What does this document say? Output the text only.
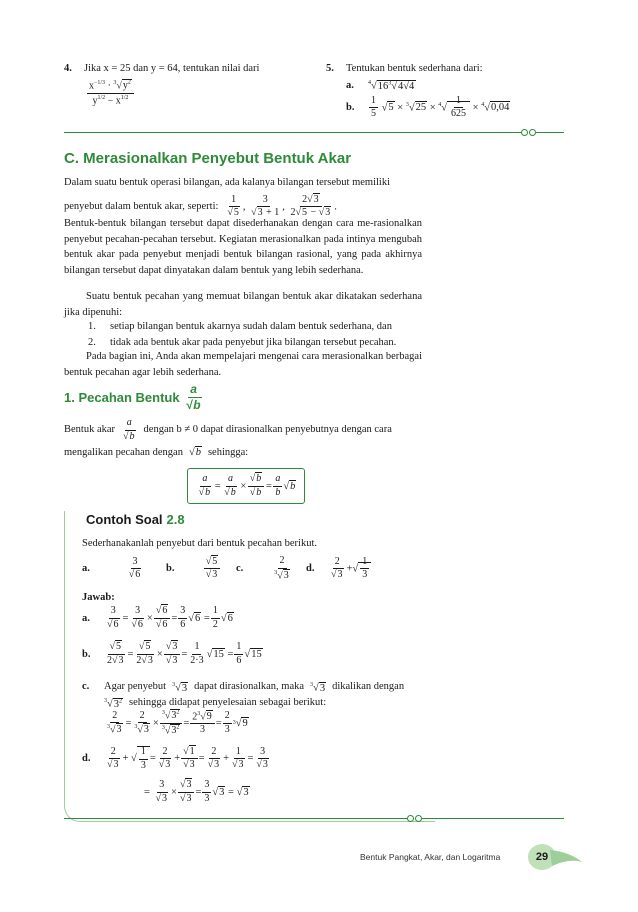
4.	Jika x = 25 dan y = 64, tentukan nilai dari
$\frac{x^{-1/3} \cdot ^3√y^2}{y^{1/2} - x^{1/2}}$
5.	Tentukan bentuk sederhana dari:
a.	$^4√16^3√4√4$
b.	$\frac{1}{5} √5 \times ^3√25 \times ^4√ \frac{1}{625} \times ^4√0,04$
C. Merasionalkan Penyebut Bentuk Akar
Dalam suatu bentuk operasi bilangan, ada kalanya bilangan tersebut memiliki
penyebut dalam bentuk akar, seperti: $\frac{1}{√5}$ , $\frac{3}{√3 + 1}$ , $\frac{2√3}{2√5 - √3}$ .
Bentuk-bentuk bilangan tersebut dapat disederhanakan dengan cara me-rasionalkan penyebut pecahan-pecahan tersebut. Kegiatan merasionalkan pada intinya mengubah bentuk akar pada penyebut menjadi bentuk bilangan rasional, yang pada akhirnya bilangan tersebut dapat dinyatakan dalam bentuk yang lebih sederhana.
Suatu bentuk pecahan yang memuat bilangan bentuk akar dikatakan sederhana jika dipenuhi:
1.	setiap bilangan bentuk akarnya sudah dalam bentuk sederhana, dan
2.	tidak ada bentuk akar pada penyebut jika bilangan tersebut pecahan.
Pada bagian ini, Anda akan mempelajari mengenai cara merasionalkan berbagai bentuk pecahan agar lebih sederhana.
1. Pecahan Bentuk $\frac{a}{√b}$
Bentuk akar $\frac{a}{√b}$ dengan b ≠ 0 dapat dirasionalkan penyebutnya dengan cara
mengalikan pecahan dengan √b sehingga:
$\frac{a}{√b} = \frac{a}{√b} \times \frac{√b}{√b} = \frac{a}{b}$ √ b
Contoh Soal 2.8
Sederhanakanlah penyebut dari bentuk pecahan berikut.
a.	$\frac{3}{√6} b$.	$\frac{√5}{√3} c$.	$\frac{2}{^3√3} d$.	$\frac{2}{√3}$ +√ $\frac{1}{3}$
Jawab:
a.	$\frac{3}{√6} = \frac{3}{√6} \times \frac{√6}{√6} = \frac{3}{6}$ √ $6 = \frac{1}{2}$ √ 6
b.	$\frac{√5}{2√3} = \frac{√5}{2√3} \times \frac{√3}{√3} = \frac{1}{2\cdot 3}$ √ $15 = \frac{1}{6}$ √ 15
c.	Agar penyebut $^3$√3 dapat dirasionalkan, maka $^3$√3 dikalikan dengan
$^3√3^2$ sehingga didapat penyelesaian sebagai berikut:
$\frac{2}{^3√3} = \frac{2}{^3√3} \times \frac{^3√3^2}{^3√3^2} = \frac{2^3√9}{3} = \frac{2}{3} 3$ √ 9
d.	$\frac{2}{√3}$ + √ $\frac{1}{3} = \frac{2}{√3} + \frac{√1}{√3} = \frac{2}{√3} + \frac{1}{√3} = \frac{3}{√3}$
= $\frac{3}{√3} \times \frac{√3}{√3} = \frac{3}{3}$ √ 3 = √ 3
Bentuk Pangkat, Akar, dan Logaritma	29
